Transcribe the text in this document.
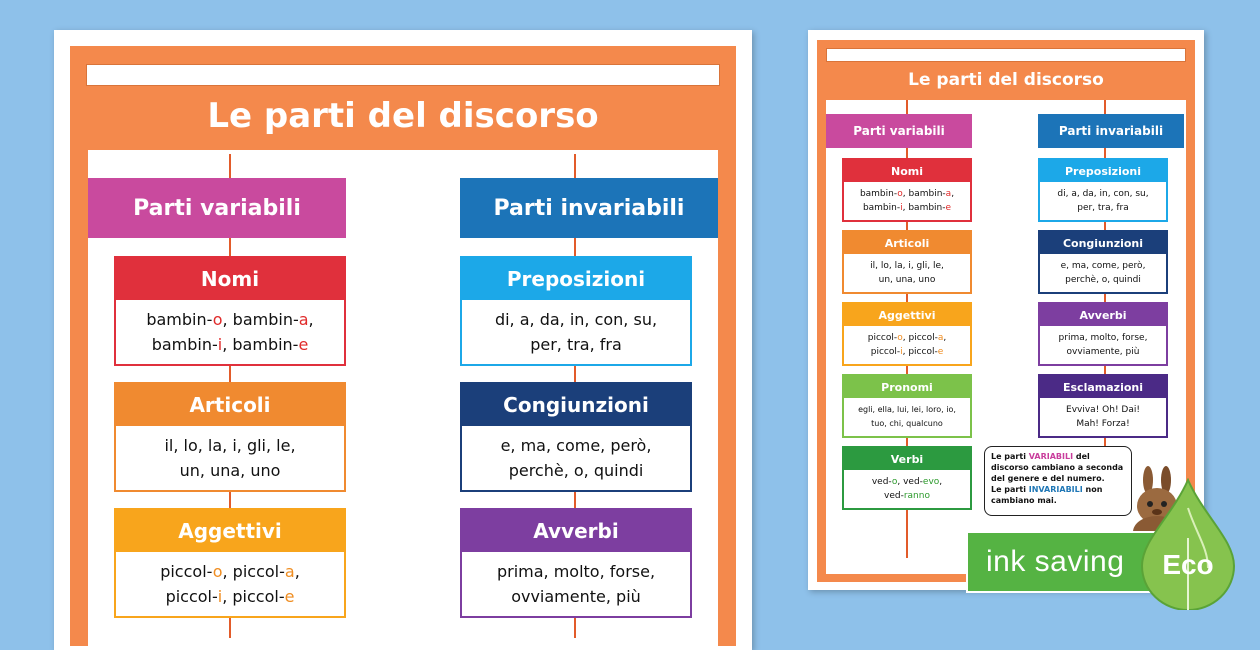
Le parti del discorso
Parti variabili	Parti invariabili
Nomi
bambin-o, bambin-a,
bambin-i, bambin-e
Articoli
il, lo, la, i, gli, le,
un, una, uno
Aggettivi
piccol-o, piccol-a,
piccol-i, piccol-e
Preposizioni
di, a, da, in, con, su,
per, tra, fra
Congiunzioni
e, ma, come, però,
perchè, o, quindi
Avverbi
prima, molto, forse,
ovviamente, più
Le parti del discorso
Parti variabili	Parti invariabili
Nomi
bambin-o, bambin-a,
bambin-i, bambin-e
Articoli
il, lo, la, i, gli, le,
un, una, uno
Aggettivi
piccol-o, piccol-a,
piccol-i, piccol-e
Pronomi
egli, ella, lui, lei, loro, io,
tuo, chi, qualcuno
Verbi
ved-o, ved-evo,
ved-ranno
Preposizioni
di, a, da, in, con, su,
per, tra, fra
Congiunzioni
e, ma, come, però,
perchè, o, quindi
Avverbi
prima, molto, forse,
ovviamente, più
Esclamazioni
Evviva! Oh! Dai!
Mah! Forza!
Le parti VARIABILI del discorso cambiano a seconda del genere e del numero.
Le parti INVARIABILI non cambiano mai.
ink saving Eco
